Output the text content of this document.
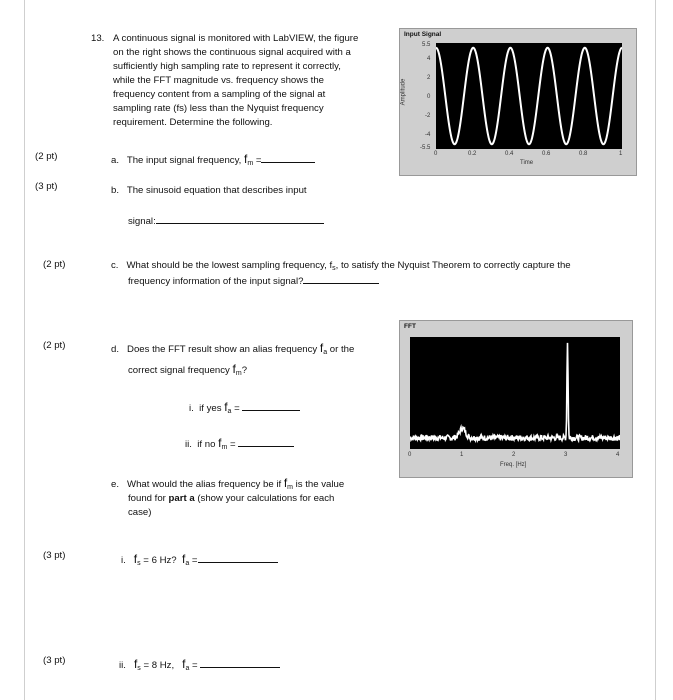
13. A continuous signal is monitored with LabVIEW, the figure
on the right shows the continuous signal acquired with a
sufficiently high sampling rate to represent it correctly,
while the FFT magnitude vs. frequency shows the
frequency content from a sampling of the signal at
sampling rate (fs) less than the Nyquist frequency
requirement. Determine the following.
Input Signal
Amplitude
5.5
4
2
0
-2
-4
-5.5
0	0.2	0.4	0.6	0.8	1
Time
(2 pt)
(3 pt)
(2 pt)
(2 pt)
(3 pt)
(3 pt)
a. The input signal frequency, $f_m$ =
b. The sinusoid equation that describes input
signal:
c. What should be the lowest sampling frequency, $f_s$, to satisfy the Nyquist Theorem to correctly capture the
frequency information of the input signal?
FFT
0	1	2	3	4
Freq. [Hz]
d. Does the FFT result show an alias frequency $f_a$ or the
correct signal frequency $f_m$?
i. if yes $f_a$ =
ii. if no $f_m$ =
e. What would the alias frequency be if $f_m$ is the value
found for part a (show your calculations for each
case)
i. $f_s = 6$ Hz? $f_a$ =
ii. $f_s = 8$ Hz, $f_a$ =
